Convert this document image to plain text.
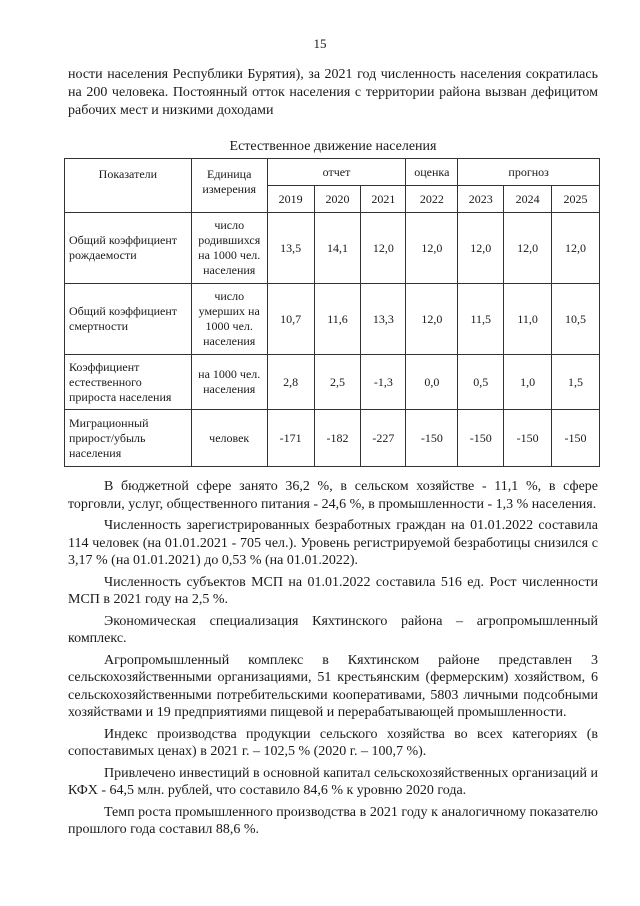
15
ности населения Республики Бурятия), за 2021 год численность населения сократилась на 200 человека. Постоянный отток населения с территории района вызван дефицитом рабочих мест и низкими доходами
Естественное движение населения
Показатели	Единица измерения	отчет			оценка	прогноз		
		2019	2020	2021	2022	2023	2024	2025
Общий коэффициент рождаемости	число родившихся на 1000 чел. населения	13,5	14,1	12,0	12,0	12,0	12,0	12,0
Общий коэффициент смертности	число умерших на 1000 чел. населения	10,7	11,6	13,3	12,0	11,5	11,0	10,5
Коэффициент естественного прироста населения	на 1000 чел. населения	2,8	2,5	-1,3	0,0	0,5	1,0	1,5
Миграционный прирост/убыль населения	человек	-171	-182	-227	-150	-150	-150	-150

В бюджетной сфере занято 36,2 %, в сельском хозяйстве - 11,1 %, в сфере торговли, услуг, общественного питания - 24,6 %, в промышленности - 1,3 % населения.

Численность зарегистрированных безработных граждан на 01.01.2022 составила 114 человек (на 01.01.2021 - 705 чел.). Уровень регистрируемой безработицы снизился с 3,17 % (на 01.01.2021) до 0,53 % (на 01.01.2022).

Численность субъектов МСП на 01.01.2022 составила 516 ед. Рост численности МСП в 2021 году на 2,5 %.

Экономическая специализация Кяхтинского района – агропромышленный комплекс.

Агропромышленный комплекс в Кяхтинском районе представлен 3 сельскохозяйственными организациями, 51 крестьянским (фермерским) хозяйством, 6 сельскохозяйственными потребительскими кооперативами, 5803 личными подсобными хозяйствами и 19 предприятиями пищевой и перерабатывающей промышленности.

Индекс производства продукции сельского хозяйства во всех категориях (в сопоставимых ценах) в 2021 г. – 102,5 % (2020 г. – 100,7 %).

Привлечено инвестиций в основной капитал сельскохозяйственных организаций и КФХ - 64,5 млн. рублей, что составило 84,6 % к уровню 2020 года.

Темп роста промышленного производства в 2021 году к аналогичному показателю прошлого года составил 88,6 %.
